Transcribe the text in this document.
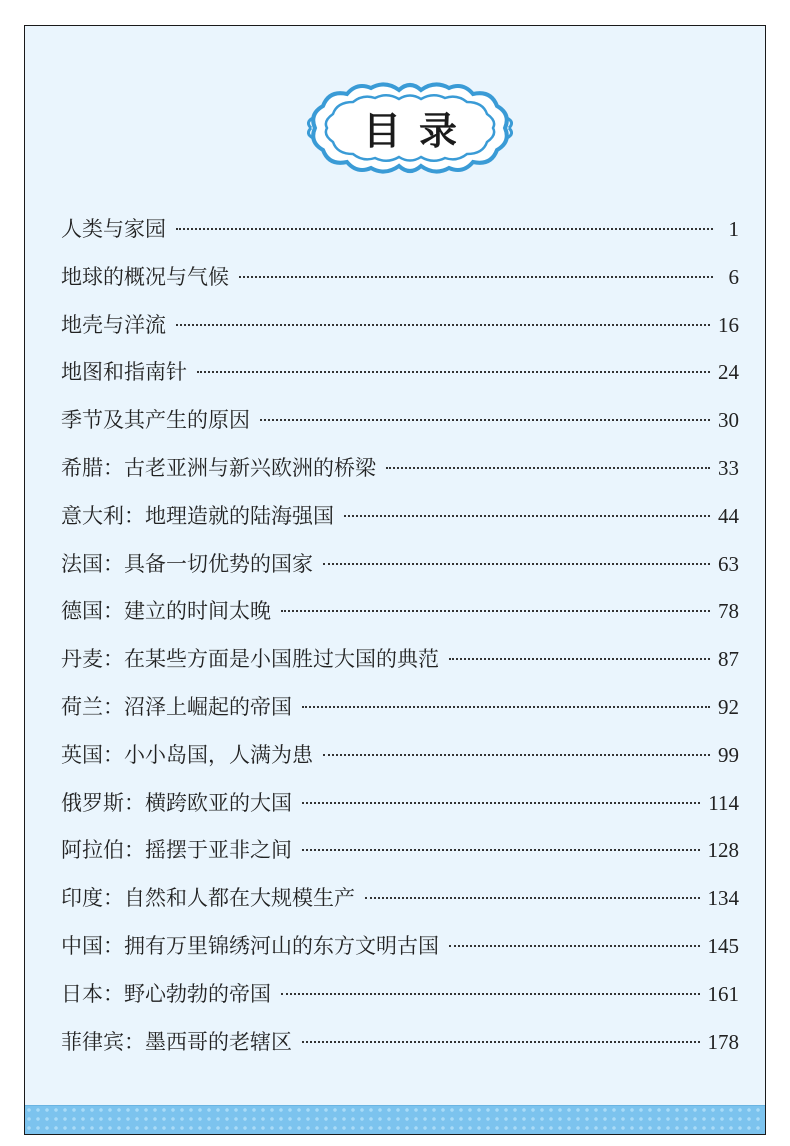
目录
人类与家园	1
地球的概况与气候	6
地壳与洋流	16
地图和指南针	24
季节及其产生的原因	30
希腊：古老亚洲与新兴欧洲的桥梁	33
意大利：地理造就的陆海强国	44
法国：具备一切优势的国家	63
德国：建立的时间太晚	78
丹麦：在某些方面是小国胜过大国的典范	87
荷兰：沼泽上崛起的帝国	92
英国：小小岛国，人满为患	99
俄罗斯：横跨欧亚的大国	114
阿拉伯：摇摆于亚非之间	128
印度：自然和人都在大规模生产	134
中国：拥有万里锦绣河山的东方文明古国	145
日本：野心勃勃的帝国	161
菲律宾：墨西哥的老辖区	178
